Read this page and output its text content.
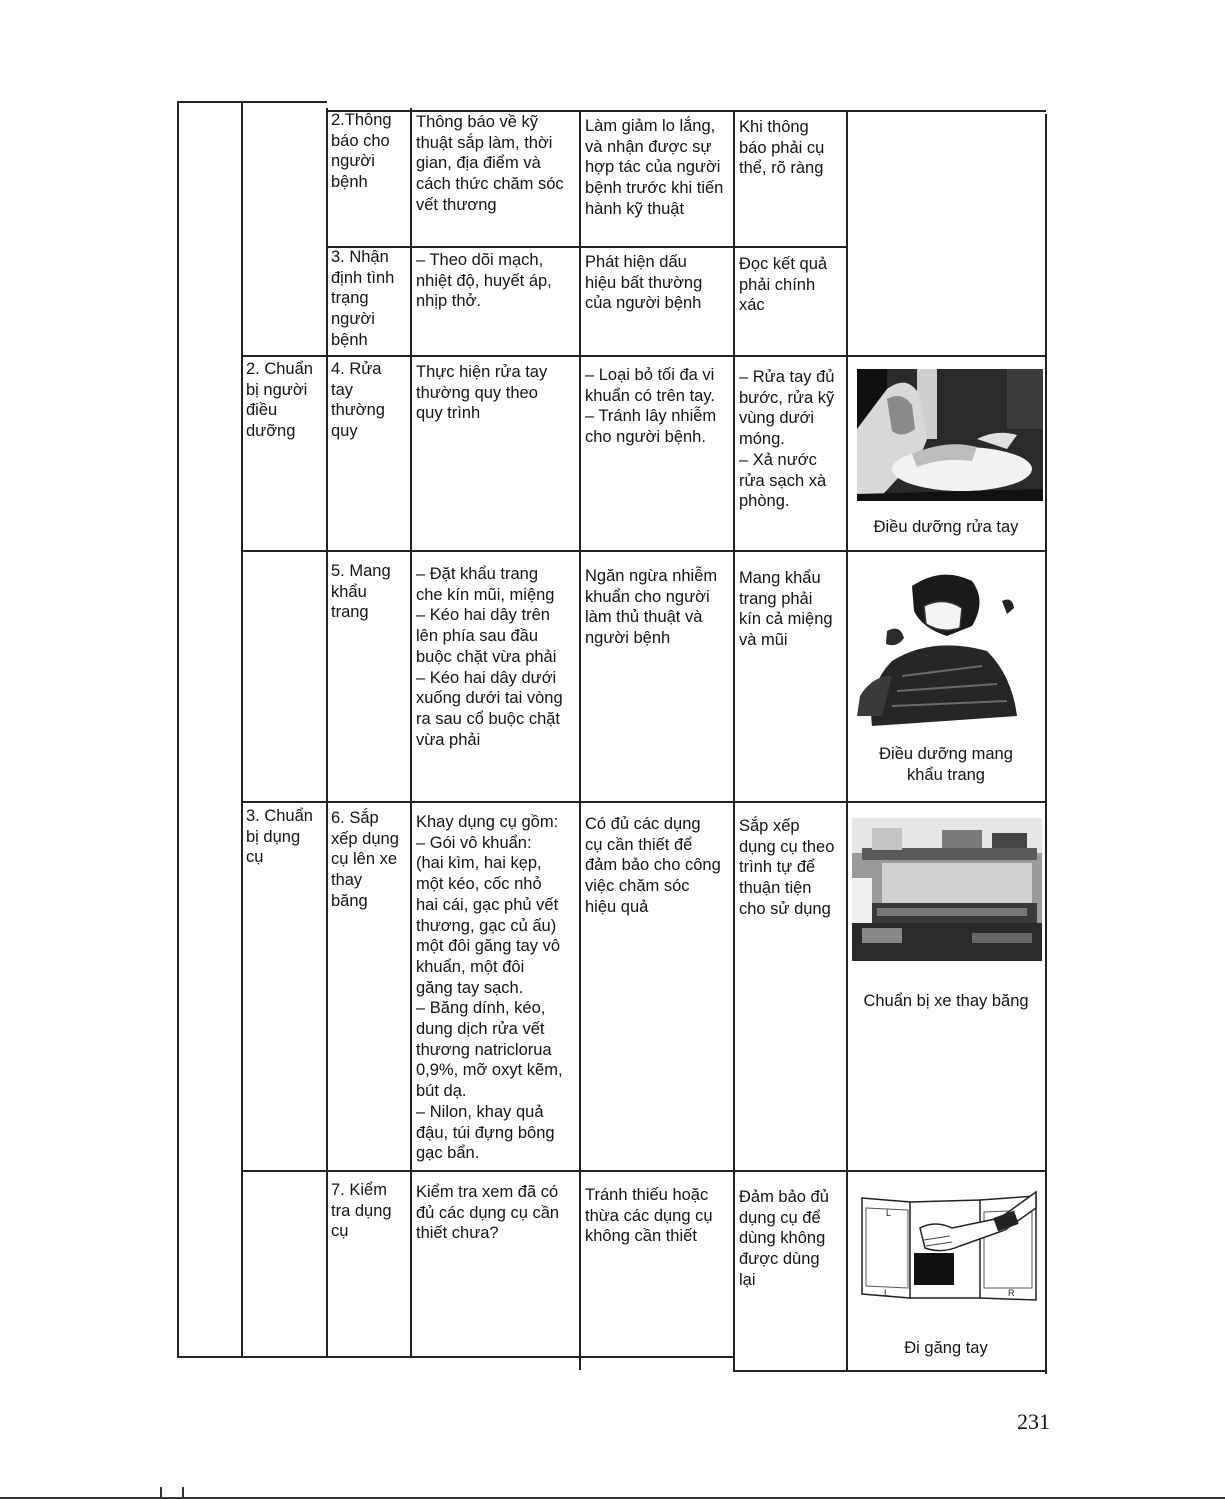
2.Thông
báo cho
người
bệnh
Thông báo về kỹ
thuật sắp làm, thời
gian, địa điểm và
cách thức chăm sóc
vết thương
Làm giảm lo lắng,
và nhận được sự
hợp tác của người
bệnh trước khi tiến
hành kỹ thuật
Khi thông
báo phải cụ
thể, rõ ràng
3. Nhận
định tình
trạng
người
bệnh
– Theo dõi mạch,
nhiệt độ, huyết áp,
nhịp thở.
Phát hiện dấu
hiệu bất thường
của người bệnh
Đọc kết quả
phải chính
xác
2. Chuẩn
bị người
điều
dưỡng
4. Rửa
tay
thường
quy
Thực hiện rửa tay
thường quy theo
quy trình
– Loại bỏ tối đa vi
khuẩn có trên tay.
– Tránh lây nhiễm
cho người bệnh.
– Rửa tay đủ
bước, rửa kỹ
vùng dưới
móng.
– Xả nước
rửa sạch xà
phòng.
Điều dưỡng rửa tay
5. Mang
khẩu
trang
– Đặt khẩu trang
che kín mũi, miệng
– Kéo hai dây trên
lên phía sau đầu
buộc chặt vừa phải
– Kéo hai dây dưới
xuống dưới tai vòng
ra sau cổ buộc chặt
vừa phải
Ngăn ngừa nhiễm
khuẩn cho người
làm thủ thuật và
người bệnh
Mang khẩu
trang phải
kín cả miệng
và mũi
Điều dưỡng mang
khẩu trang
3. Chuẩn
bị dụng
cụ
6. Sắp
xếp dụng
cụ lên xe
thay
băng
Khay dụng cụ gồm:
– Gói vô khuẩn:
(hai kìm, hai kẹp,
một kéo, cốc nhỏ
hai cái, gạc phủ vết
thương, gạc củ ấu)
một đôi găng tay vô
khuẩn, một đôi
găng tay sạch.
– Băng dính, kéo,
dung dịch rửa vết
thương natriclorua
0,9%, mỡ oxyt kẽm,
bút dạ.
– Nilon, khay quả
đậu, túi đựng bông
gạc bẩn.
Có đủ các dụng
cụ cần thiết để
đảm bảo cho công
việc chăm sóc
hiệu quả
Sắp xếp
dụng cụ theo
trình tự để
thuận tiện
cho sử dụng
Chuẩn bị xe thay băng
7. Kiểm
tra dụng
cụ
Kiểm tra xem đã có
đủ các dụng cụ cần
thiết chưa?
Tránh thiếu hoặc
thừa các dụng cụ
không cần thiết
Đảm bảo đủ
dụng cụ để
dùng không
được dùng
lại
L
L	R
Đi găng tay
231
